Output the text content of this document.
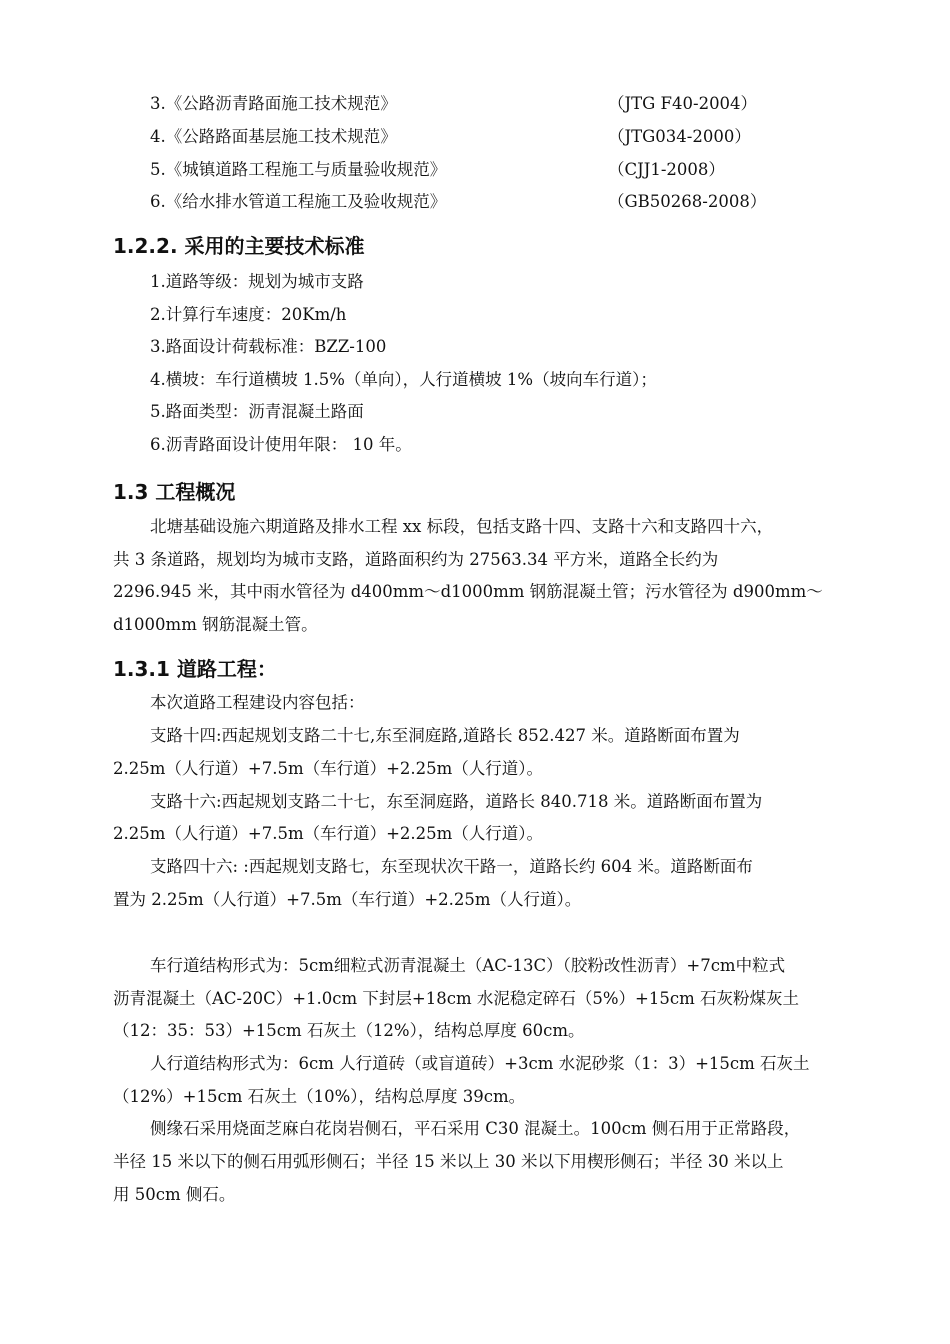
3.《公路沥青路面施工技术规范》	（JTG F40-2004）
4.《公路路面基层施工技术规范》	（JTG034-2000）
5.《城镇道路工程施工与质量验收规范》	（CJJ1-2008）
6.《给水排水管道工程施工及验收规范》	（GB50268-2008）
1.2.2. 采用的主要技术标准
1.道路等级：规划为城市支路
2.计算行车速度：20Km/h
3.路面设计荷载标准：BZZ-100
4.横坡：车行道横坡 1.5%（单向），人行道横坡 1%（坡向车行道）；
5.路面类型：沥青混凝土路面
6.沥青路面设计使用年限： 10 年。
1.3 工程概况
北塘基础设施六期道路及排水工程 xx 标段，包括支路十四、支路十六和支路四十六，
共 3 条道路，规划均为城市支路，道路面积约为 27563.34 平方米，道路全长约为
2296.945 米，其中雨水管径为 d400mm～d1000mm 钢筋混凝土管；污水管径为 d900mm～
d1000mm 钢筋混凝土管。
1.3.1 道路工程：
本次道路工程建设内容包括：
支路十四:西起规划支路二十七,东至洞庭路,道路长 852.427 米。道路断面布置为
2.25m（人行道）+7.5m（车行道）+2.25m（人行道）。
支路十六:西起规划支路二十七，东至洞庭路，道路长 840.718 米。道路断面布置为
2.25m（人行道）+7.5m（车行道）+2.25m（人行道）。
支路四十六: :西起规划支路七，东至现状次干路一，道路长约 604 米。道路断面布
置为 2.25m（人行道）+7.5m（车行道）+2.25m（人行道）。
车行道结构形式为：5cm细粒式沥青混凝土（AC-13C）（胶粉改性沥青）+7cm中粒式
沥青混凝土（AC-20C）+1.0cm 下封层+18cm 水泥稳定碎石（5%）+15cm 石灰粉煤灰土
（12：35：53）+15cm 石灰土（12%），结构总厚度 60cm。
人行道结构形式为：6cm 人行道砖（或盲道砖）+3cm 水泥砂浆（1：3）+15cm 石灰土
（12%）+15cm 石灰土（10%），结构总厚度 39cm。
侧缘石采用烧面芝麻白花岗岩侧石，平石采用 C30 混凝土。100cm 侧石用于正常路段，
半径 15 米以下的侧石用弧形侧石；半径 15 米以上 30 米以下用楔形侧石；半径 30 米以上
用 50cm 侧石。
